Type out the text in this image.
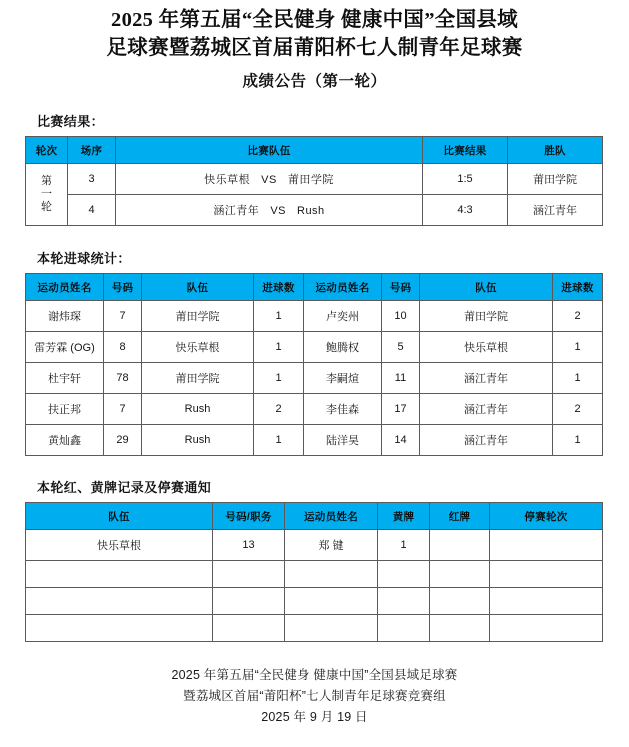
2025 年第五届“全民健身 健康中国”全国县域
足球赛暨荔城区首届莆阳杯七人制青年足球赛
成绩公告（第一轮）
比赛结果：
轮次	场序	比赛队伍	比赛结果	胜队

第
一
轮	3	快乐草根 VS 莆田学院	1:5	莆田学院
	4	涵江青年 VS Rush	4:3	涵江青年
本轮进球统计：
运动员姓名	号码	队伍	进球数	运动员姓名	号码	队伍	进球数
谢炜琛	7	莆田学院	1	卢奕州	10	莆田学院	2
雷芳霖 (OG)	8	快乐草根	1	鲍腾权	5	快乐草根	1
杜宇轩	78	莆田学院	1	李嗣煊	11	涵江青年	1
扶正邦	7	Rush	2	李佳森	17	涵江青年	2
黄灿鑫	29	Rush	1	陆洋昊	14	涵江青年	1
本轮红、黄牌记录及停赛通知
队伍	号码/职务	运动员姓名	黄牌	红牌	停赛轮次
快乐草根	13	郑 键	1		

2025 年第五届“全民健身 健康中国”全国县域足球赛
暨荔城区首届“莆阳杯”七人制青年足球赛竞赛组
2025 年 9 月 19 日
